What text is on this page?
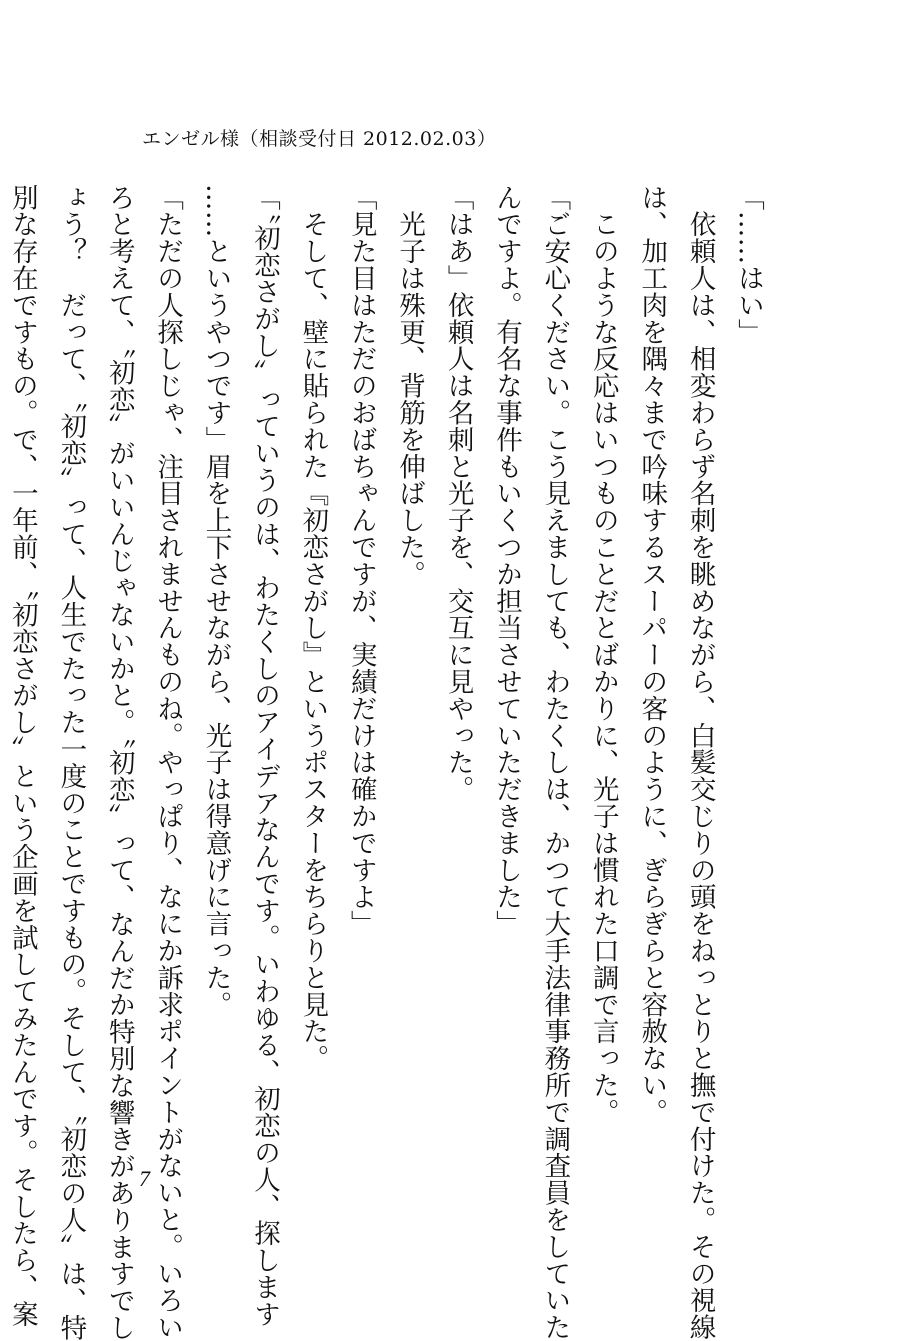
エンゼル様（相談受付日 2012.02.03）

「……はい」

　依頼人は、相変わらず名刺を眺めながら、白髪交じりの頭をねっとりと撫で付けた。その視線

は、加工肉を隅々まで吟味するスーパーの客のように、ぎらぎらと容赦ない。

　このような反応はいつものことだとばかりに、光子は慣れた口調で言った。

「ご安心ください。こう見えましても、わたくしは、かつて大手法律事務所で調査員をしていた

んですよ。有名な事件もいくつか担当させていただきました」

「はあ」依頼人は名刺と光子を、交互に見やった。

　光子は殊更、背筋を伸ばした。

「見た目はただのおばちゃんですが、実績だけは確かですよ」

　そして、壁に貼られた『初恋さがし』というポスターをちらりと見た。

「〝初恋さがし〟っていうのは、わたくしのアイデアなんです。いわゆる、初恋の人、探します

……というやつです」眉を上下させながら、光子は得意げに言った。

「ただの人探しじゃ、注目されませんものね。やっぱり、なにか訴求ポイントがないと。いろい

ろと考えて、〝初恋〟がいいんじゃないかと。〝初恋〟って、なんだか特別な響きがありますでし

ょう？　だって、〝初恋〟って、人生でたった一度のことですもの。そして、〝初恋の人〟は、特

別な存在ですもの。で、一年前、〝初恋さがし〟という企画を試してみたんです。そしたら、案	7
